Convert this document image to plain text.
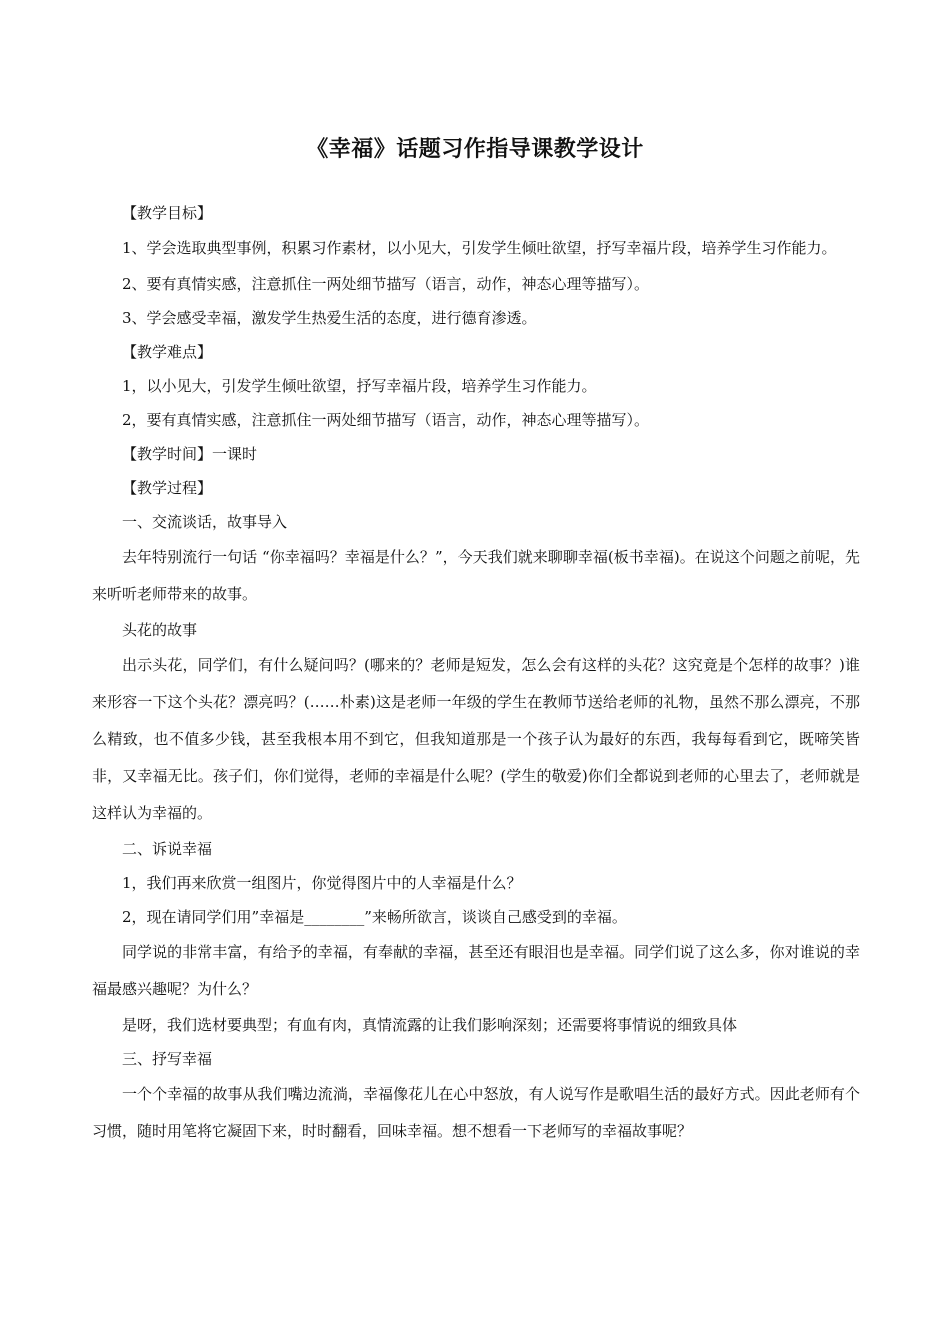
《幸福》话题习作指导课教学设计

【教学目标】

1、学会选取典型事例，积累习作素材，以小见大，引发学生倾吐欲望，抒写幸福片段，培养学生习作能力。

2、要有真情实感，注意抓住一两处细节描写（语言，动作，神态心理等描写）。

3、学会感受幸福，激发学生热爱生活的态度，进行德育渗透。

【教学难点】

1，以小见大，引发学生倾吐欲望，抒写幸福片段，培养学生习作能力。

2，要有真情实感，注意抓住一两处细节描写（语言，动作，神态心理等描写）。

【教学时间】一课时

【教学过程】

一、交流谈话，故事导入

去年特别流行一句话 “你幸福吗？幸福是什么？”，今天我们就来聊聊幸福(板书幸福)。在说这个问题之前呢，先来听听老师带来的故事。

头花的故事

出示头花，同学们，有什么疑问吗？(哪来的？老师是短发，怎么会有这样的头花？这究竟是个怎样的故事？)谁来形容一下这个头花？漂亮吗？(……朴素)这是老师一年级的学生在教师节送给老师的礼物，虽然不那么漂亮，不那么精致，也不值多少钱，甚至我根本用不到它，但我知道那是一个孩子认为最好的东西，我每每看到它，既啼笑皆非，又幸福无比。孩子们，你们觉得，老师的幸福是什么呢？(学生的敬爱)你们全都说到老师的心里去了，老师就是这样认为幸福的。

二、诉说幸福

1，我们再来欣赏一组图片，你觉得图片中的人幸福是什么？

2，现在请同学们用”幸福是________”来畅所欲言，谈谈自己感受到的幸福。

同学说的非常丰富，有给予的幸福，有奉献的幸福，甚至还有眼泪也是幸福。同学们说了这么多，你对谁说的幸福最感兴趣呢？为什么？

是呀，我们选材要典型；有血有肉，真情流露的让我们影响深刻；还需要将事情说的细致具体

三、抒写幸福

一个个幸福的故事从我们嘴边流淌，幸福像花儿在心中怒放，有人说写作是歌唱生活的最好方式。因此老师有个习惯，随时用笔将它凝固下来，时时翻看，回味幸福。想不想看一下老师写的幸福故事呢？
